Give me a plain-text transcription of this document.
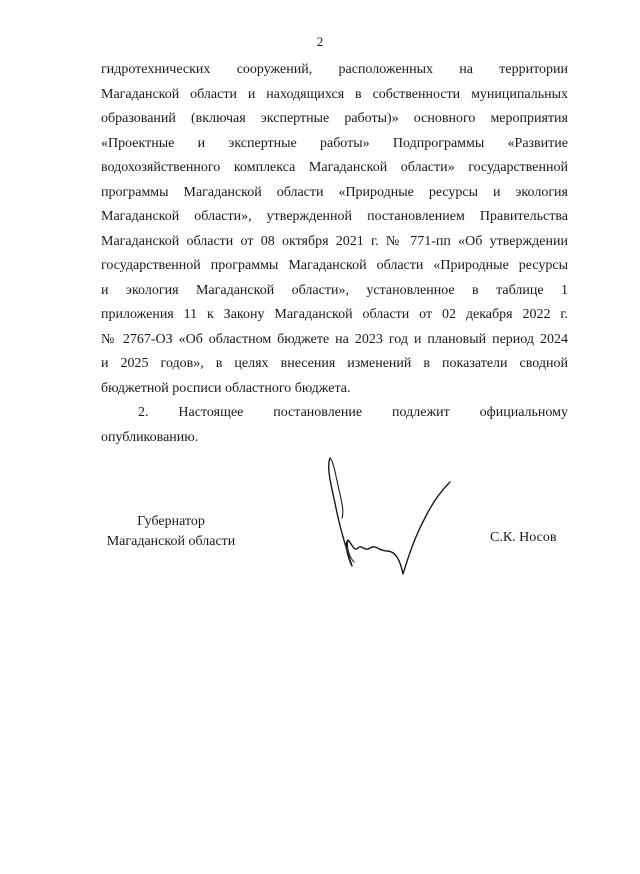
2
гидротехнических сооружений, расположенных на территории
Магаданской области и находящихся в собственности муниципальных
образований (включая экспертные работы)» основного мероприятия
«Проектные и экспертные работы» Подпрограммы «Развитие
водохозяйственного комплекса Магаданской области» государственной
программы Магаданской области «Природные ресурсы и экология
Магаданской области», утвержденной постановлением Правительства
Магаданской области от 08 октября 2021 г. № 771-пп «Об утверждении
государственной программы Магаданской области «Природные ресурсы
и экология Магаданской области», установленное в таблице 1
приложения 11 к Закону Магаданской области от 02 декабря 2022 г.
№ 2767-ОЗ «Об областном бюджете на 2023 год и плановый период 2024
и 2025 годов», в целях внесения изменений в показатели сводной
бюджетной росписи областного бюджета.
2. Настоящее постановление подлежит официальному
опубликованию.
Губернатор
Магаданской области	С.К. Носов
